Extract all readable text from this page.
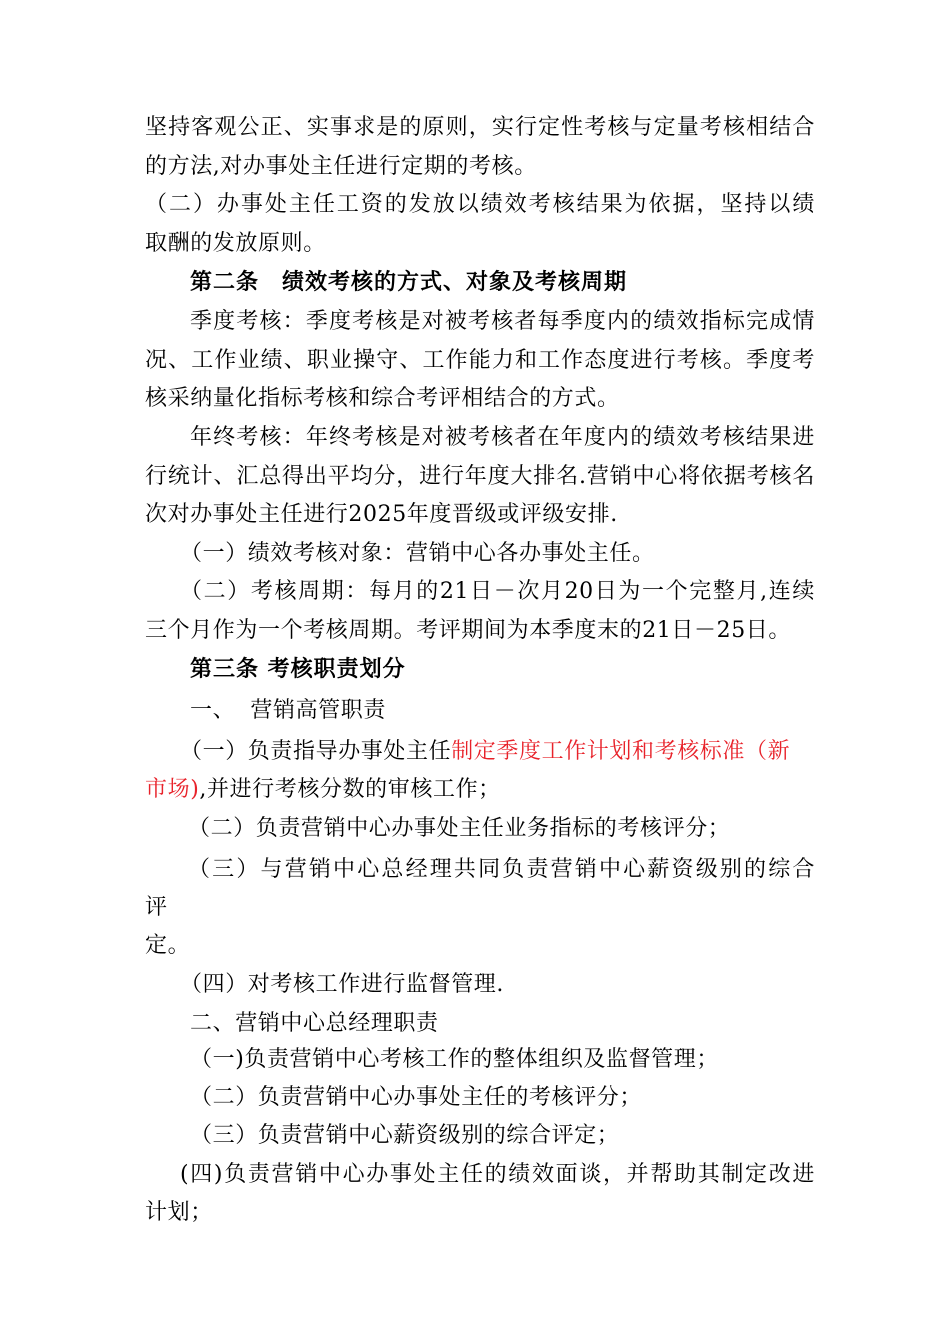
坚持客观公正、实事求是的原则，实行定性考核与定量考核相结合
的方法,对办事处主任进行定期的考核。
（二）办事处主任工资的发放以绩效考核结果为依据，坚持以绩
取酬的发放原则。
第二条　绩效考核的方式、对象及考核周期
季度考核：季度考核是对被考核者每季度内的绩效指标完成情
况、工作业绩、职业操守、工作能力和工作态度进行考核。季度考
核采纳量化指标考核和综合考评相结合的方式。
年终考核：年终考核是对被考核者在年度内的绩效考核结果进
行统计、汇总得出平均分，进行年度大排名.营销中心将依据考核名
次对办事处主任进行2025年度晋级或评级安排.
（一）绩效考核对象：营销中心各办事处主任。
（二）考核周期：每月的21日－次月20日为一个完整月,连续
三个月作为一个考核周期。考评期间为本季度末的21日－25日。
第三条 考核职责划分
一、  营销高管职责
（一）负责指导办事处主任制定季度工作计划和考核标准（新
市场),并进行考核分数的审核工作；
（二）负责营销中心办事处主任业务指标的考核评分；
（三）与营销中心总经理共同负责营销中心薪资级别的综合
评
定。
（四）对考核工作进行监督管理.
二、营销中心总经理职责
（一)负责营销中心考核工作的整体组织及监督管理；
（二）负责营销中心办事处主任的考核评分；
（三）负责营销中心薪资级别的综合评定；
(四)负责营销中心办事处主任的绩效面谈，并帮助其制定改进
计划；
